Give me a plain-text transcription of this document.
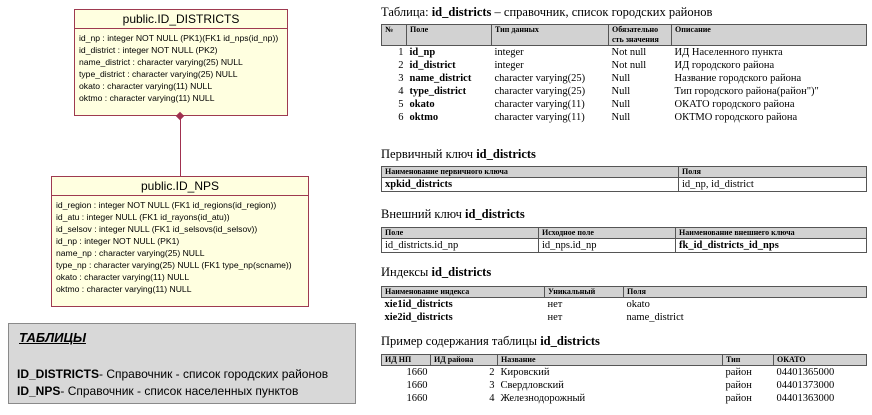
public.ID_DISTRICTS
id_np : integer NOT NULL (PK1)(FK1 id_nps(id_np))
id_district : integer NOT NULL (PK2)
name_district : character varying(25) NULL
type_district : character varying(25) NULL
okato : character varying(11) NULL
oktmo : character varying(11) NULL
public.ID_NPS
id_region : integer NOT NULL (FK1 id_regions(id_region))
id_atu : integer NULL (FK1 id_rayons(id_atu))
id_selsov : integer NULL (FK1 id_selsovs(id_selsov))
id_np : integer NOT NULL (PK1)
name_np : character varying(25) NULL
type_np : character varying(25) NULL (FK1 type_np(scname))
okato : character varying(11) NULL
oktmo : character varying(11) NULL
ТАБЛИЦЫ
ID_DISTRICTS- Справочник - список городских районов
ID_NPS- Справочник - список населенных пунктов
Таблица: id_districts – справочник, список городских районов
№	Поле	Тип данных	Обязательно сть значения	Описание
1	id_np	integer	Not null	ИД Населенного пункта
2	id_district	integer	Not null	ИД городского района
3	name_district	character varying(25)	Null	Название городского района
4	type_district	character varying(25)	Null	Тип городского района(район")"
5	okato	character varying(11)	Null	ОКАТО городского района
6	oktmo	character varying(11)	Null	ОКТМО городского района
Первичный ключ id_districts
Наименование первичного ключа	Поля
xpkid_districts	id_np, id_district
Внешний ключ id_districts
Поле	Исходное поле	Наименование внешнего ключа
id_districts.id_np	id_nps.id_np	fk_id_districts_id_nps
Индексы id_districts
Наименование индекса	Уникальный	Поля
xie1id_districts	нет	okato
xie2id_districts	нет	name_district
Пример содержания таблицы id_districts
ИД НП	ИД района	Название	Тип	ОКАТО
1660	2	Кировский	район	04401365000
1660	3	Свердловский	район	04401373000
1660	4	Железнодорожный	район	04401363000
